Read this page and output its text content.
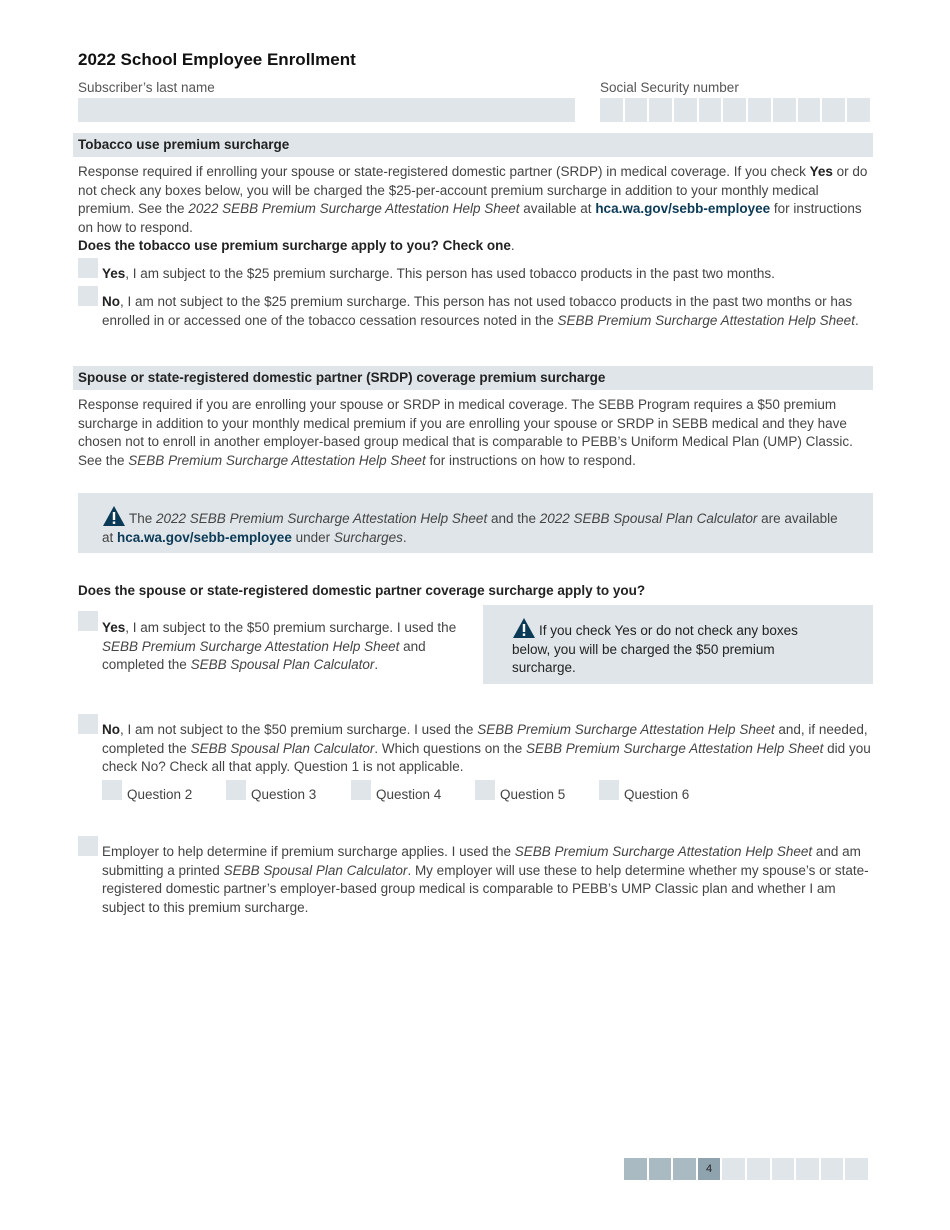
2022 School Employee Enrollment
Subscriber’s last name	Social Security number
Tobacco use premium surcharge
Response required if enrolling your spouse or state-registered domestic partner (SRDP) in medical coverage. If you check Yes or do not check any boxes below, you will be charged the $25-per-account premium surcharge in addition to your monthly medical premium. See the 2022 SEBB Premium Surcharge Attestation Help Sheet available at hca.wa.gov/sebb-employee for instructions on how to respond.
Does the tobacco use premium surcharge apply to you? Check one.
Yes, I am subject to the $25 premium surcharge. This person has used tobacco products in the past two months.
No, I am not subject to the $25 premium surcharge. This person has not used tobacco products in the past two months or has enrolled in or accessed one of the tobacco cessation resources noted in the SEBB Premium Surcharge Attestation Help Sheet.
Spouse or state-registered domestic partner (SRDP) coverage premium surcharge
Response required if you are enrolling your spouse or SRDP in medical coverage. The SEBB Program requires a $50 premium surcharge in addition to your monthly medical premium if you are enrolling your spouse or SRDP in SEBB medical and they have chosen not to enroll in another employer-based group medical that is comparable to PEBB’s Uniform Medical Plan (UMP) Classic. See the SEBB Premium Surcharge Attestation Help Sheet for instructions on how to respond.
The 2022 SEBB Premium Surcharge Attestation Help Sheet and the 2022 SEBB Spousal Plan Calculator are available at hca.wa.gov/sebb-employee under Surcharges.
Does the spouse or state-registered domestic partner coverage surcharge apply to you?
Yes, I am subject to the $50 premium surcharge. I used the SEBB Premium Surcharge Attestation Help Sheet and completed the SEBB Spousal Plan Calculator.
If you check Yes or do not check any boxes below, you will be charged the $50 premium surcharge.
No, I am not subject to the $50 premium surcharge. I used the SEBB Premium Surcharge Attestation Help Sheet and, if needed, completed the SEBB Spousal Plan Calculator. Which questions on the SEBB Premium Surcharge Attestation Help Sheet did you check No? Check all that apply. Question 1 is not applicable.
Question 2	Question 3	Question 4	Question 5	Question 6
Employer to help determine if premium surcharge applies. I used the SEBB Premium Surcharge Attestation Help Sheet and am submitting a printed SEBB Spousal Plan Calculator. My employer will use these to help determine whether my spouse’s or state-registered domestic partner’s employer-based group medical is comparable to PEBB’s UMP Classic plan and whether I am subject to this premium surcharge.
4
